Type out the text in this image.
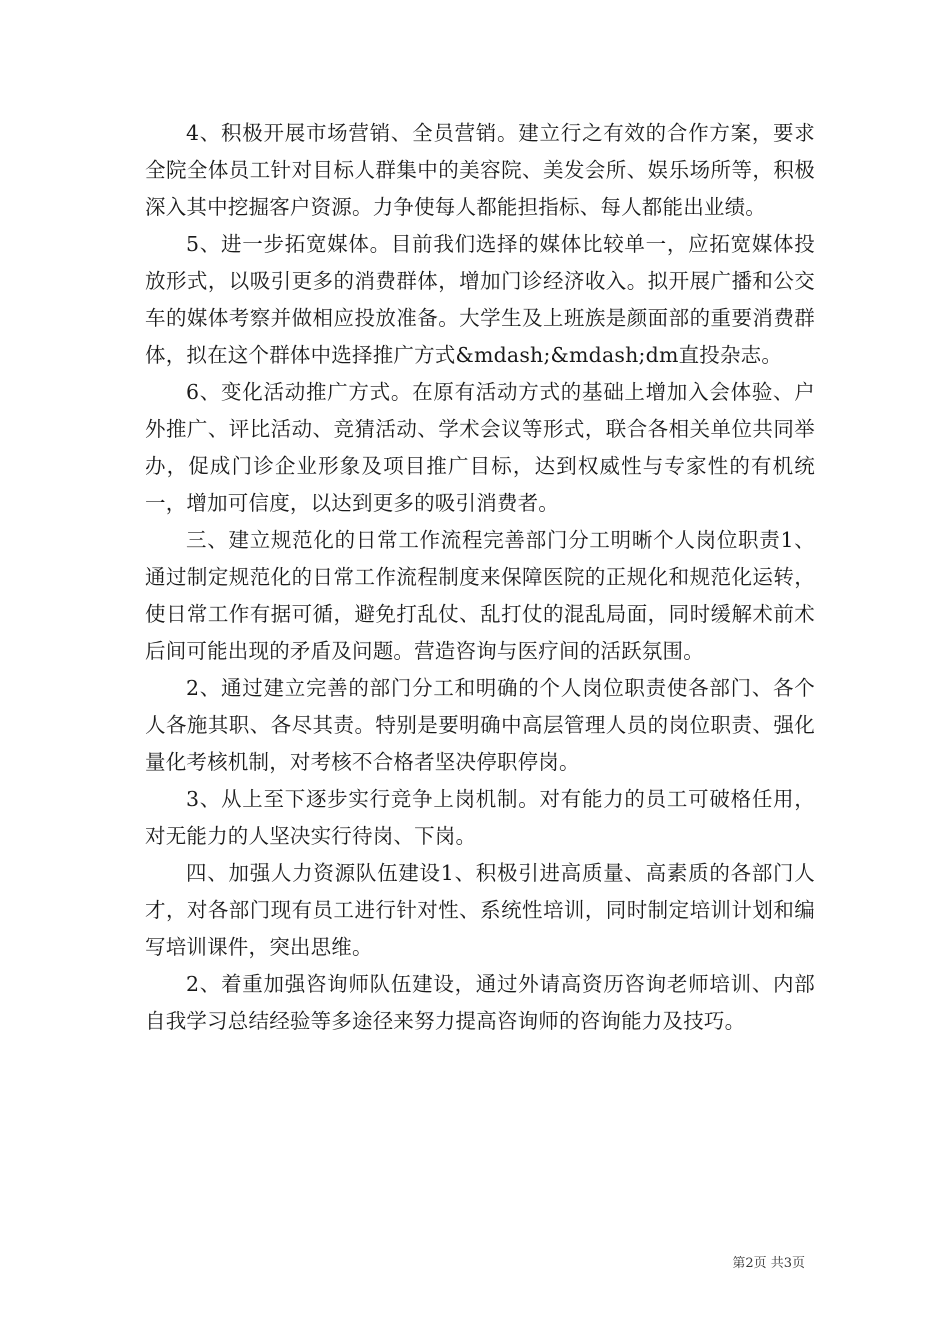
4、积极开展市场营销、全员营销。建立行之有效的合作方案，要求全院全体员工针对目标人群集中的美容院、美发会所、娱乐场所等，积极深入其中挖掘客户资源。力争使每人都能担指标、每人都能出业绩。

5、进一步拓宽媒体。目前我们选择的媒体比较单一，应拓宽媒体投放形式，以吸引更多的消费群体，增加门诊经济收入。拟开展广播和公交车的媒体考察并做相应投放准备。大学生及上班族是颜面部的重要消费群体，拟在这个群体中选择推广方式&mdash;&mdash;dm直投杂志。

6、变化活动推广方式。在原有活动方式的基础上增加入会体验、户外推广、评比活动、竞猜活动、学术会议等形式，联合各相关单位共同举办，促成门诊企业形象及项目推广目标，达到权威性与专家性的有机统一，增加可信度，以达到更多的吸引消费者。

三、建立规范化的日常工作流程完善部门分工明晰个人岗位职责1、通过制定规范化的日常工作流程制度来保障医院的正规化和规范化运转，使日常工作有据可循，避免打乱仗、乱打仗的混乱局面，同时缓解术前术后间可能出现的矛盾及问题。营造咨询与医疗间的活跃氛围。

2、通过建立完善的部门分工和明确的个人岗位职责使各部门、各个人各施其职、各尽其责。特别是要明确中高层管理人员的岗位职责、强化量化考核机制，对考核不合格者坚决停职停岗。

3、从上至下逐步实行竞争上岗机制。对有能力的员工可破格任用，对无能力的人坚决实行待岗、下岗。

四、加强人力资源队伍建设1、积极引进高质量、高素质的各部门人才，对各部门现有员工进行针对性、系统性培训，同时制定培训计划和编写培训课件，突出思维。

2、着重加强咨询师队伍建设，通过外请高资历咨询老师培训、内部自我学习总结经验等多途径来努力提高咨询师的咨询能力及技巧。

第2页 共3页
